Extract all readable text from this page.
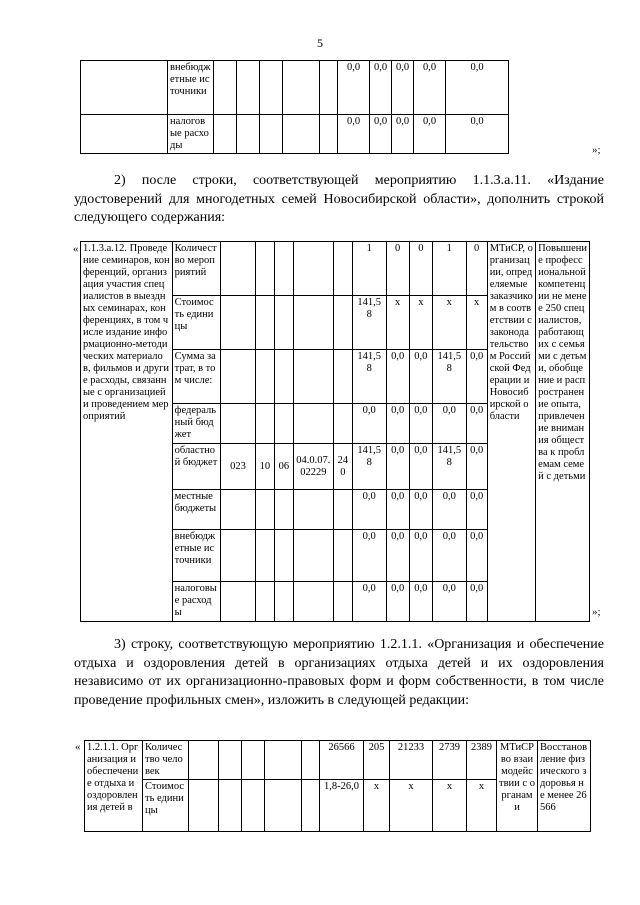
5
	внебюджетные источники						0,0	0,0	0,0	0,0	0,0
	налоговые расходы						0,0	0,0	0,0	0,0	0,0
»;
2) после строки, соответствующей мероприятию 1.1.3.а.11. «Издание удостоверений для многодетных семей Новосибирской области», дополнить строкой следующего содержания:
« 1.1.3.а.12. Проведение семинаров, конференций, организация участия специалистов в выездных семинарах, конференциях, в том числе издание информационно-методических материалов, фильмов и другие расходы, связанные с организацией и проведением мероприятий	Количество мероприятий						1	0	0	1	0	МТиСР, организации, определяемые заказчиком в соответствии с законодательством Российской Федерации и Новосибирской области	Повышение профессиональной компетенции не менее 250 специалистов, работающих с семьями с детьми, обобщение и распространение опыта, привлечение внимания общества к проблемам семей с детьми
	Стоимость единицы						141,58	х	х	х	х		
	Сумма затрат, в том числе:						141,58	0,0	0,0	141,58	0,0		
	федеральный бюджет						0,0	0,0	0,0	0,0	0,0		
	областной бюджет	023	10	06	04.0.07.02229	240	141,58	0,0	0,0	141,58	0,0		
	местные бюджеты						0,0	0,0	0,0	0,0	0,0		
	внебюджетные источники						0,0	0,0	0,0	0,0	0,0		
	налоговые расходы						0,0	0,0	0,0	0,0	0,0		
»;
3) строку, соответствующую мероприятию 1.2.1.1. «Организация и обеспечение отдыха и оздоровления детей в организациях отдыха детей и их оздоровления независимо от их организационно-правовых форм и форм собственности, в том числе проведение профильных смен», изложить в следующей редакции:
« 1.2.1.1. Организация и обеспечение отдыха и оздоровления детей в	Количество человек						26566	205	21233	2739	2389	МТиСР во взаимодействии с органами	Восстановление физического здоровья не менее 26 566
	Стоимость единицы						1,8-26,0	х	х	х	х		
